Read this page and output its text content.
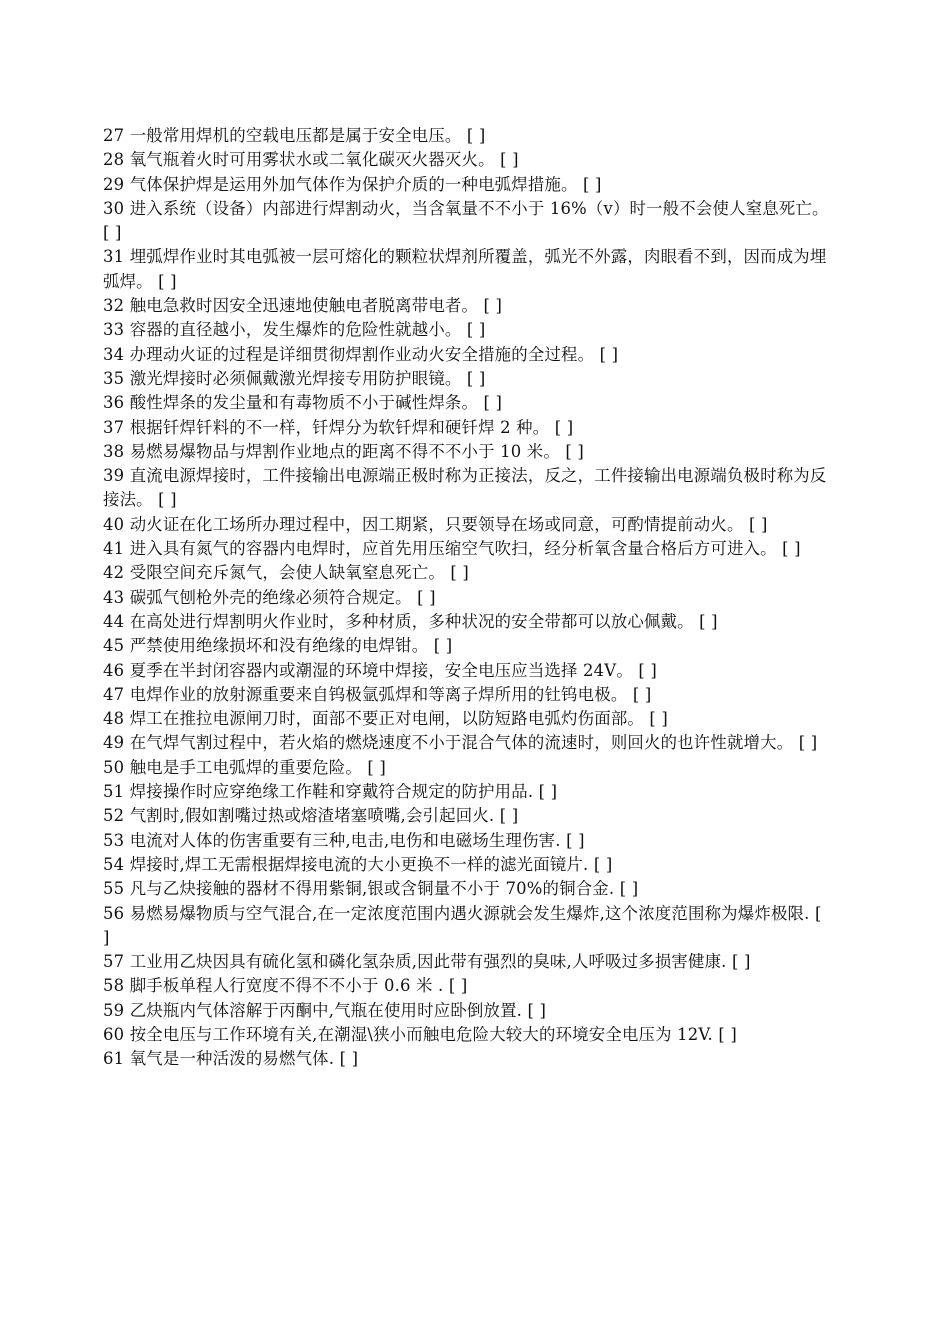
27 一般常用焊机的空载电压都是属于安全电压。 [ ]

28 氧气瓶着火时可用雾状水或二氧化碳灭火器灭火。 [ ]

29 气体保护焊是运用外加气体作为保护介质的一种电弧焊措施。 [ ]

30 进入系统（设备）内部进行焊割动火，当含氧量不不小于 16%（v）时一般不会使人窒息死亡。 [ ]

31 埋弧焊作业时其电弧被一层可熔化的颗粒状焊剂所覆盖，弧光不外露，肉眼看不到，因而成为埋弧焊。 [ ]

32 触电急救时因安全迅速地使触电者脱离带电者。 [ ]

33 容器的直径越小，发生爆炸的危险性就越小。 [ ]

34 办理动火证的过程是详细贯彻焊割作业动火安全措施的全过程。 [ ]

35 激光焊接时必须佩戴激光焊接专用防护眼镜。 [ ]

36 酸性焊条的发尘量和有毒物质不小于碱性焊条。 [ ]

37 根据钎焊钎料的不一样，钎焊分为软钎焊和硬钎焊 2 种。 [ ]

38 易燃易爆物品与焊割作业地点的距离不得不不小于 10 米。 [ ]

39 直流电源焊接时，工件接输出电源端正极时称为正接法，反之，工件接输出电源端负极时称为反接法。 [ ]

40 动火证在化工场所办理过程中，因工期紧，只要领导在场或同意，可酌情提前动火。 [ ]

41 进入具有氮气的容器内电焊时，应首先用压缩空气吹扫，经分析氧含量合格后方可进入。 [ ]

42 受限空间充斥氮气，会使人缺氧窒息死亡。 [ ]

43 碳弧气刨枪外壳的绝缘必须符合规定。 [ ]

44 在高处进行焊割明火作业时，多种材质，多种状况的安全带都可以放心佩戴。 [ ]

45 严禁使用绝缘损坏和没有绝缘的电焊钳。 [ ]

46 夏季在半封闭容器内或潮湿的环境中焊接，安全电压应当选择 24V。 [ ]

47 电焊作业的放射源重要来自钨极氩弧焊和等离子焊所用的钍钨电极。 [ ]

48 焊工在推拉电源闸刀时，面部不要正对电闸，以防短路电弧灼伤面部。 [ ]

49 在气焊气割过程中，若火焰的燃烧速度不小于混合气体的流速时，则回火的也许性就增大。 [ ]

50 触电是手工电弧焊的重要危险。 [ ]

51 焊接操作时应穿绝缘工作鞋和穿戴符合规定的防护用品. [ ]

52 气割时,假如割嘴过热或熔渣堵塞喷嘴,会引起回火. [ ]

53 电流对人体的伤害重要有三种,电击,电伤和电磁场生理伤害. [ ]

54 焊接时,焊工无需根据焊接电流的大小更换不一样的滤光面镜片. [ ]

55 凡与乙炔接触的器材不得用紫铜,银或含铜量不小于 70%的铜合金. [ ]

56 易燃易爆物质与空气混合,在一定浓度范围内遇火源就会发生爆炸,这个浓度范围称为爆炸极限. [ ]

57 工业用乙炔因具有硫化氢和磷化氢杂质,因此带有强烈的臭味,人呼吸过多损害健康. [ ]

58 脚手板单程人行宽度不得不不小于 0.6 米 . [ ]

59 乙炔瓶内气体溶解于丙酮中,气瓶在使用时应卧倒放置. [ ]

60 按全电压与工作环境有关,在潮湿\狭小而触电危险大较大的环境安全电压为 12V. [ ]

61 氧气是一种活泼的易燃气体. [ ]
